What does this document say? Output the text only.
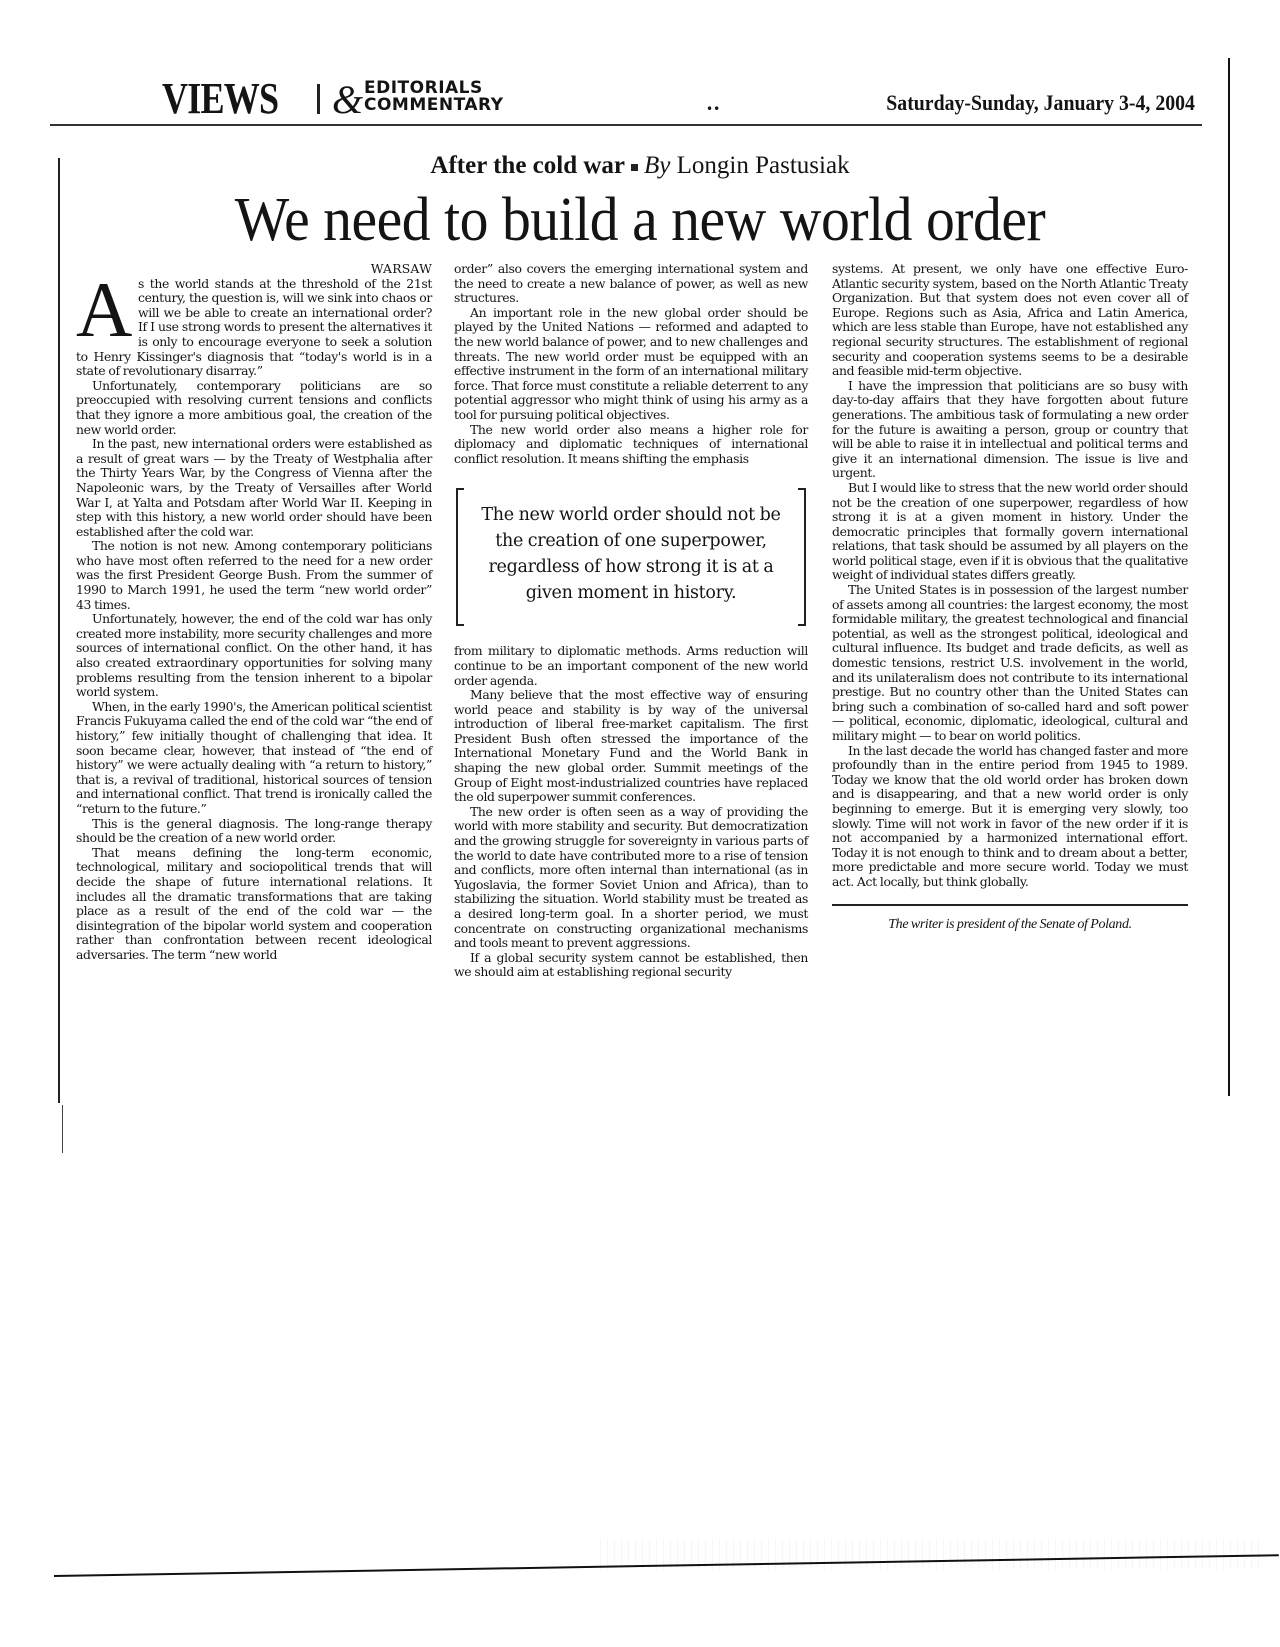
VIEWS & EDITORIALS
COMMENTARY	••	Saturday-Sunday, January 3-4, 2004
After the cold war By Longin Pastusiak
We need to build a new world order
WARSAW

As the world stands at the threshold of the 21st century, the question is, will we sink into chaos or will we be able to create an international order? If I use strong words to present the alternatives it is only to encourage everyone to seek a solution to Henry Kissinger's diagnosis that “today's world is in a state of revolutionary disarray.”

Unfortunately, contemporary politicians are so preoccupied with resolving current tensions and conflicts that they ignore a more ambitious goal, the creation of the new world order.

In the past, new international orders were established as a result of great wars — by the Treaty of Westphalia after the Thirty Years War, by the Congress of Vienna after the Napoleonic wars, by the Treaty of Versailles after World War I, at Yalta and Potsdam after World War II. Keeping in step with this history, a new world order should have been established after the cold war.

The notion is not new. Among contemporary politicians who have most often referred to the need for a new order was the first President George Bush. From the summer of 1990 to March 1991, he used the term “new world order” 43 times.

Unfortunately, however, the end of the cold war has only created more instability, more security challenges and more sources of international conflict. On the other hand, it has also created extraordinary opportunities for solving many problems resulting from the tension inherent to a bipolar world system.

When, in the early 1990's, the American political scientist Francis Fukuyama called the end of the cold war “the end of history,” few initially thought of challenging that idea. It soon became clear, however, that instead of “the end of history” we were actually dealing with “a return to history,” that is, a revival of traditional, historical sources of tension and international conflict. That trend is ironically called the “return to the future.”

This is the general diagnosis. The long-range therapy should be the creation of a new world order.

That means defining the long-term economic, technological, military and sociopolitical trends that will decide the shape of future international relations. It includes all the dramatic transformations that are taking place as a result of the end of the cold war — the disintegration of the bipolar world system and cooperation rather than confrontation between recent ideological adversaries. The term “new world

order” also covers the emerging international system and the need to create a new balance of power, as well as new structures.

An important role in the new global order should be played by the United Nations — reformed and adapted to the new world balance of power, and to new challenges and threats. The new world order must be equipped with an effective instrument in the form of an international military force. That force must constitute a reliable deterrent to any potential aggressor who might think of using his army as a tool for pursuing political objectives.

The new world order also means a higher role for diplomacy and diplomatic techniques of international conflict resolution. It means shifting the emphasis

The new world order should not be the creation of one superpower, regardless of how strong it is at a given moment in history.

from military to diplomatic methods. Arms reduction will continue to be an important component of the new world order agenda.

Many believe that the most effective way of ensuring world peace and stability is by way of the universal introduction of liberal free-market capitalism. The first President Bush often stressed the importance of the International Monetary Fund and the World Bank in shaping the new global order. Summit meetings of the Group of Eight most-industrialized countries have replaced the old superpower summit conferences.

The new order is often seen as a way of providing the world with more stability and security. But democratization and the growing struggle for sovereignty in various parts of the world to date have contributed more to a rise of tension and conflicts, more often internal than international (as in Yugoslavia, the former Soviet Union and Africa), than to stabilizing the situation. World stability must be treated as a desired long-term goal. In a shorter period, we must concentrate on constructing organizational mechanisms and tools meant to prevent aggressions.

If a global security system cannot be established, then we should aim at establishing regional security

systems. At present, we only have one effective Euro-Atlantic security system, based on the North Atlantic Treaty Organization. But that system does not even cover all of Europe. Regions such as Asia, Africa and Latin America, which are less stable than Europe, have not established any regional security structures. The establishment of regional security and cooperation systems seems to be a desirable and feasible mid-term objective.

I have the impression that politicians are so busy with day-to-day affairs that they have forgotten about future generations. The ambitious task of formulating a new order for the future is awaiting a person, group or country that will be able to raise it in intellectual and political terms and give it an international dimension. The issue is live and urgent.

But I would like to stress that the new world order should not be the creation of one superpower, regardless of how strong it is at a given moment in history. Under the democratic principles that formally govern international relations, that task should be assumed by all players on the world political stage, even if it is obvious that the qualitative weight of individual states differs greatly.

The United States is in possession of the largest number of assets among all countries: the largest economy, the most formidable military, the greatest technological and financial potential, as well as the strongest political, ideological and cultural influence. Its budget and trade deficits, as well as domestic tensions, restrict U.S. involvement in the world, and its unilateralism does not contribute to its international prestige. But no country other than the United States can bring such a combination of so-called hard and soft power — political, economic, diplomatic, ideological, cultural and military might — to bear on world politics.

In the last decade the world has changed faster and more profoundly than in the entire period from 1945 to 1989. Today we know that the old world order has broken down and is disappearing, and that a new world order is only beginning to emerge. But it is emerging very slowly, too slowly. Time will not work in favor of the new order if it is not accompanied by a harmonized international effort. Today it is not enough to think and to dream about a better, more predictable and more secure world. Today we must act. Act locally, but think globally.

The writer is president of the Senate of Poland.
